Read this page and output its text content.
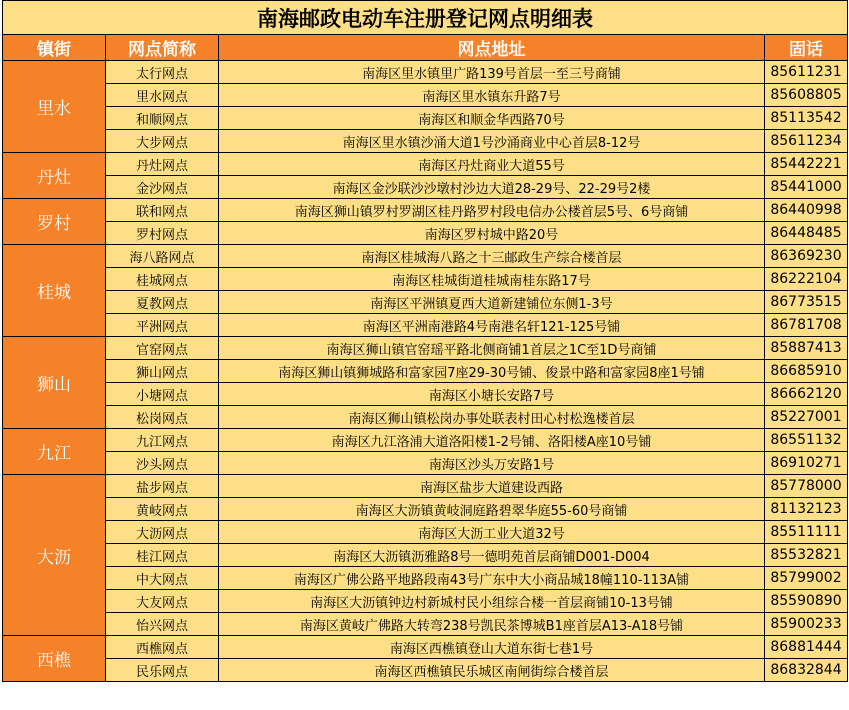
南海邮政电动车注册登记网点明细表			
镇街	网点简称	网点地址	固话
里水	太行网点	南海区里水镇里广路139号首层一至三号商铺	85611231
	里水网点	南海区里水镇东升路7号	85608805
	和顺网点	南海区和顺金华西路70号	85113542
	大步网点	南海区里水镇沙涌大道1号沙涌商业中心首层8-12号	85611234
丹灶	丹灶网点	南海区丹灶商业大道55号	85442221
	金沙网点	南海区金沙联沙沙墩村沙边大道28-29号、22-29号2楼	85441000
罗村	联和网点	南海区狮山镇罗村罗湖区桂丹路罗村段电信办公楼首层5号、6号商铺	86440998
	罗村网点	南海区罗村城中路20号	86448485
桂城	海八路网点	南海区桂城海八路之十三邮政生产综合楼首层	86369230
	桂城网点	南海区桂城街道桂城南桂东路17号	86222104
	夏教网点	南海区平洲镇夏西大道新建铺位东侧1-3号	86773515
	平洲网点	南海区平洲南港路4号南港名轩121-125号铺	86781708
狮山	官窑网点	南海区狮山镇官窑瑶平路北侧商铺1首层之1C至1D号商铺	85887413
	狮山网点	南海区狮山镇狮城路和富家园7座29-30号铺、俊景中路和富家园8座1号铺	86685910
	小塘网点	南海区小塘长安路7号	86662120
	松岗网点	南海区狮山镇松岗办事处联表村田心村松逸楼首层	85227001
九江	九江网点	南海区九江洛浦大道洛阳楼1-2号铺、洛阳楼A座10号铺	86551132
	沙头网点	南海区沙头万安路1号	86910271
大沥	盐步网点	南海区盐步大道建设西路	85778000
	黄岐网点	南海区大沥镇黄岐洞庭路碧翠华庭55-60号商铺	81132123
	大沥网点	南海区大沥工业大道32号	85511111
	桂江网点	南海区大沥镇沥雅路8号一德明苑首层商铺D001-D004	85532821
	中大网点	南海区广佛公路平地路段南43号广东中大小商品城18幢110-113A铺	85799002
	大友网点	南海区大沥镇钟边村新城村民小组综合楼一首层商铺10-13号铺	85590890
	怡兴网点	南海区黄岐广佛路大转弯238号凯民茶博城B1座首层A13-A18号铺	85900233
西樵	西樵网点	南海区西樵镇登山大道东街七巷1号	86881444
	民乐网点	南海区西樵镇民乐城区南闸街综合楼首层	86832844
